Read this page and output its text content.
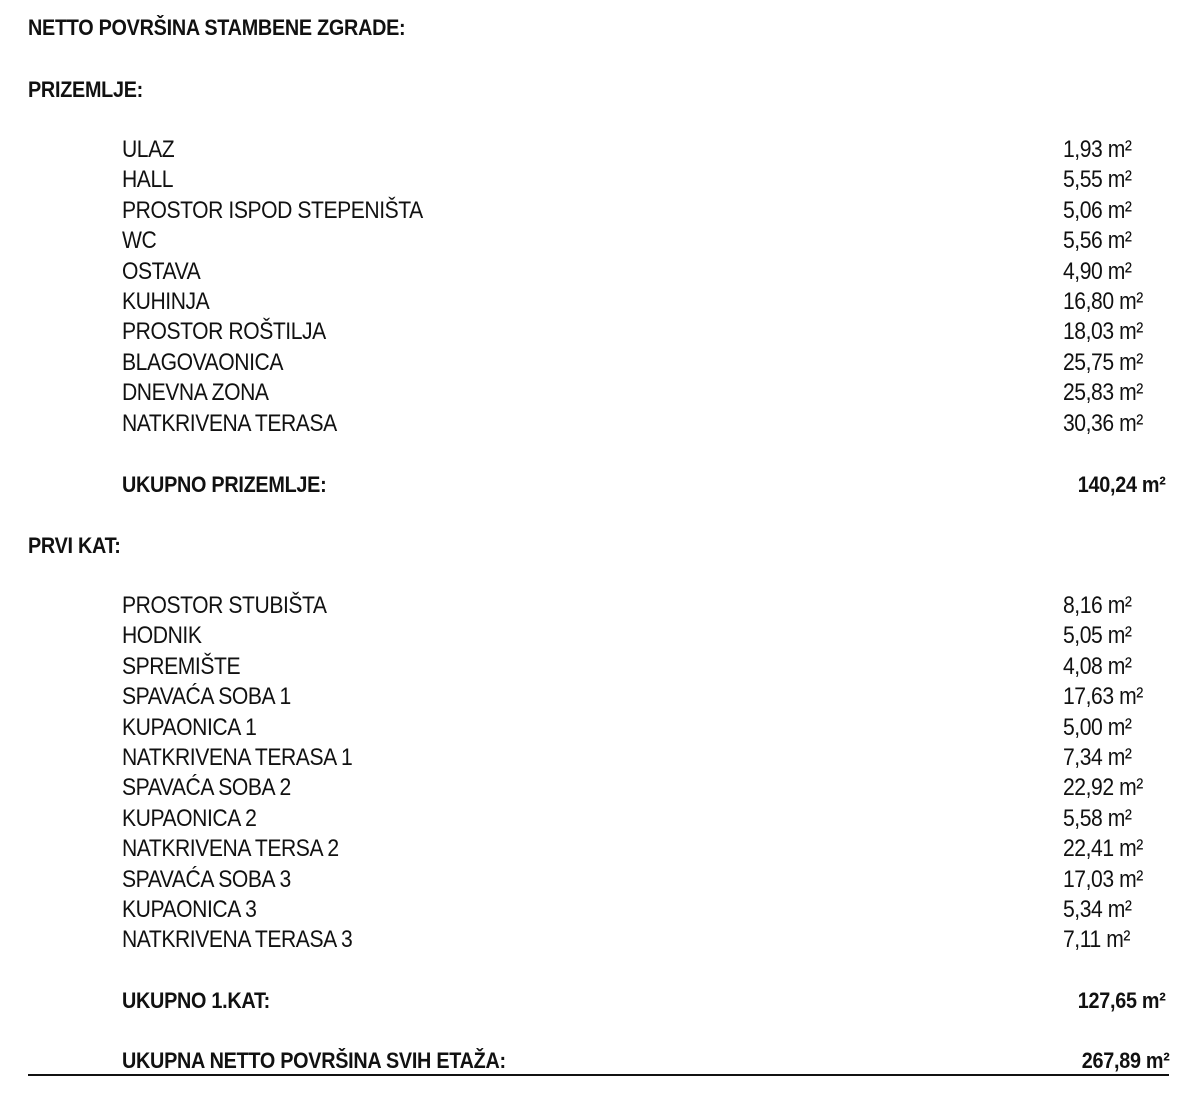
NETTO POVRŠINA STAMBENE ZGRADE:
PRIZEMLJE:
ULAZ	1,93 m²
HALL	5,55 m²
PROSTOR ISPOD STEPENIŠTA	5,06 m²
WC	5,56 m²
OSTAVA	4,90 m²
KUHINJA	16,80 m²
PROSTOR ROŠTILJA	18,03 m²
BLAGOVAONICA	25,75 m²
DNEVNA ZONA	25,83 m²
NATKRIVENA TERASA	30,36 m²
UKUPNO PRIZEMLJE:	140,24 m²
PRVI KAT:
PROSTOR STUBIŠTA	8,16 m²
HODNIK	5,05 m²
SPREMIŠTE	4,08 m²
SPAVAĆA SOBA 1	17,63 m²
KUPAONICA 1	5,00 m²
NATKRIVENA TERASA 1	7,34 m²
SPAVAĆA SOBA 2	22,92 m²
KUPAONICA 2	5,58 m²
NATKRIVENA TERSA 2	22,41 m²
SPAVAĆA SOBA 3	17,03 m²
KUPAONICA 3	5,34 m²
NATKRIVENA TERASA 3	7,11 m²
UKUPNO 1.KAT:	127,65 m²
UKUPNA NETTO POVRŠINA SVIH ETAŽA:	267,89 m²
